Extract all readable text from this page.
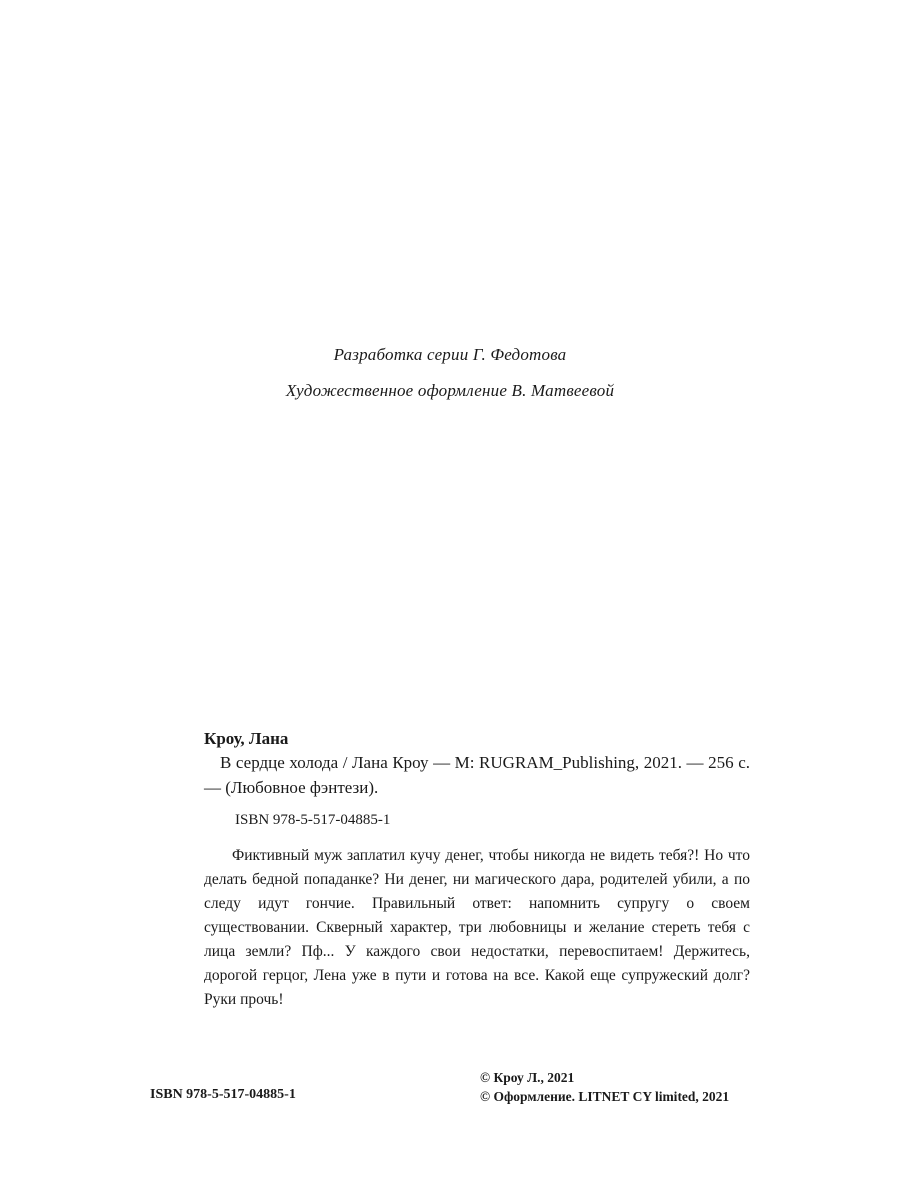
Разработка серии Г. Федотова
Художественное оформление В. Матвеевой

Кроу, Лана

В сердце холода / Лана Кроу — М: RUGRAM_Publishing, 2021. — 256 с. — (Любовное фэнтези).

ISBN 978-5-517-04885-1

Фиктивный муж заплатил кучу денег, чтобы никогда не видеть тебя?! Но что делать бедной попаданке? Ни денег, ни магического дара, родителей убили, а по следу идут гончие. Правильный ответ: напомнить супругу о своем существовании. Скверный характер, три любовницы и желание стереть тебя с лица земли? Пф... У каждого свои недостатки, перевоспитаем! Держитесь, дорогой герцог, Лена уже в пути и готова на все. Какой еще супружеский долг? Руки прочь!

ISBN 978-5-517-04885-1
© Кроу Л., 2021
© Оформление. LITNET CY limited, 2021
